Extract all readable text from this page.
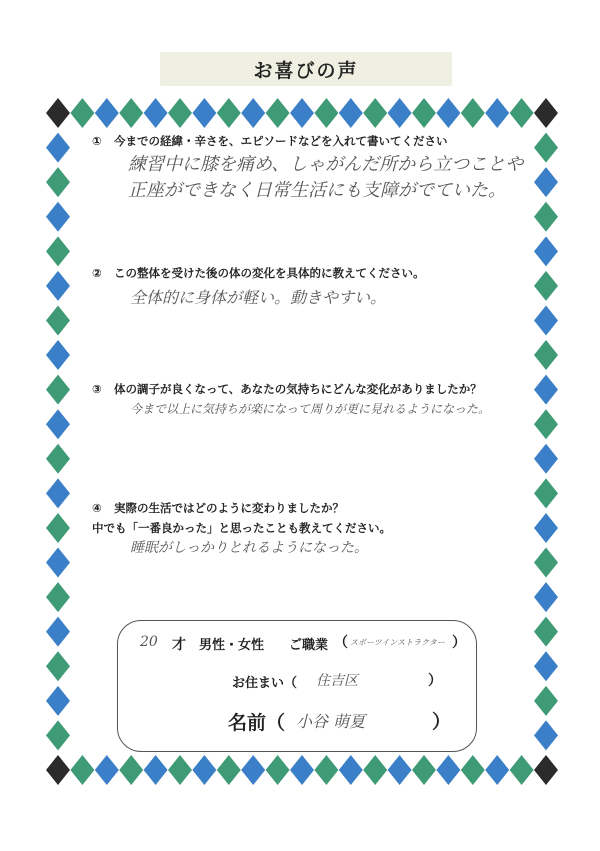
お喜びの声
① 今までの経緯・辛さを、エピソードなどを入れて書いてください
練習中に膝を痛め、しゃがんだ所から立つことや
正座ができなく日常生活にも支障がでていた。
② この整体を受けた後の体の変化を具体的に教えてください。
全体的に身体が軽い。動きやすい。
③ 体の調子が良くなって、あなたの気持ちにどんな変化がありましたか？
今まで以上に気持ちが楽になって周りが更に見れるようになった。
④ 実際の生活ではどのように変わりましたか？
中でも「一番良かった」と思ったことも教えてください。
睡眠がしっかりとれるようになった。
20 才 男性・女性 ご職業 （ スポーツインストラクター ）
お住まい（ 住吉区	）
名前（ 小谷 萌夏	）
